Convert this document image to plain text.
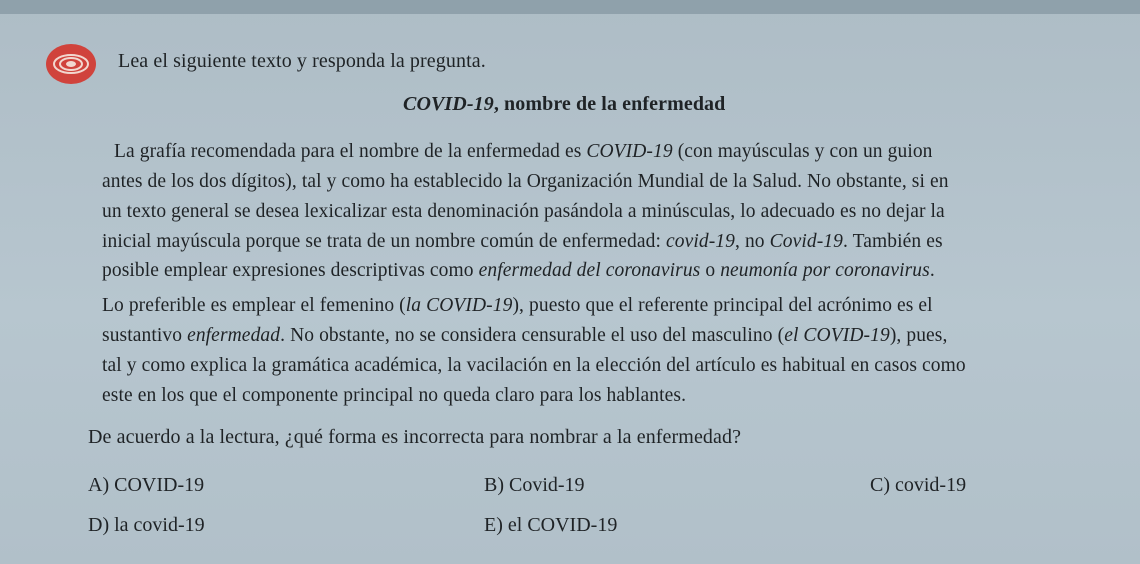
Lea el siguiente texto y responda la pregunta.
COVID-19, nombre de la enfermedad
La grafía recomendada para el nombre de la enfermedad es COVID-19 (con mayúsculas y con un guion
antes de los dos dígitos), tal y como ha establecido la Organización Mundial de la Salud. No obstante, si en
un texto general se desea lexicalizar esta denominación pasándola a minúsculas, lo adecuado es no dejar la
inicial mayúscula porque se trata de un nombre común de enfermedad: covid-19, no Covid-19. También es
posible emplear expresiones descriptivas como enfermedad del coronavirus o neumonía por coronavirus.
Lo preferible es emplear el femenino (la COVID-19), puesto que el referente principal del acrónimo es el
sustantivo enfermedad. No obstante, no se considera censurable el uso del masculino (el COVID-19), pues,
tal y como explica la gramática académica, la vacilación en la elección del artículo es habitual en casos como
este en los que el componente principal no queda claro para los hablantes.
De acuerdo a la lectura, ¿qué forma es incorrecta para nombrar a la enfermedad?
A) COVID-19	B) Covid-19	C) covid-19
D) la covid-19	E) el COVID-19
